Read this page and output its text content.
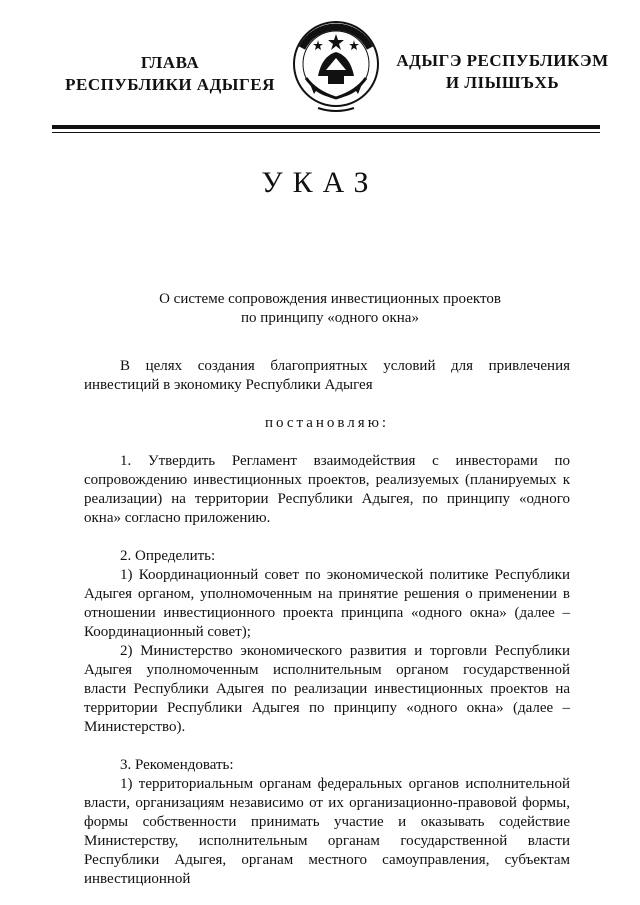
ГЛАВА
РЕСПУБЛИКИ АДЫГЕЯ
АДЫГЭ РЕСПУБЛИКЭМ
И ЛІЫШЪХЬ
УКАЗ
О системе сопровождения инвестиционных проектов
по принципу «одного окна»

В целях создания благоприятных условий для привлечения инвестиций в экономику Республики Адыгея

постановляю:

1. Утвердить Регламент взаимодействия с инвесторами по сопровождению инвестиционных проектов, реализуемых (планируемых к реализации) на территории Республики Адыгея, по принципу «одного окна» согласно приложению.

2. Определить:

1) Координационный совет по экономической политике Республики Адыгея органом, уполномоченным на принятие решения о применении в отношении инвестиционного проекта принципа «одного окна» (далее – Координационный совет);

2) Министерство экономического развития и торговли Республики Адыгея уполномоченным исполнительным органом государственной власти Республики Адыгея по реализации инвестиционных проектов на территории Республики Адыгея по принципу «одного окна» (далее – Министерство).

3. Рекомендовать:

1) территориальным органам федеральных органов исполнительной власти, организациям независимо от их организационно-правовой формы, формы собственности принимать участие и оказывать содействие Министерству, исполнительным органам государственной власти Республики Адыгея, органам местного самоуправления, субъектам инвестиционной
